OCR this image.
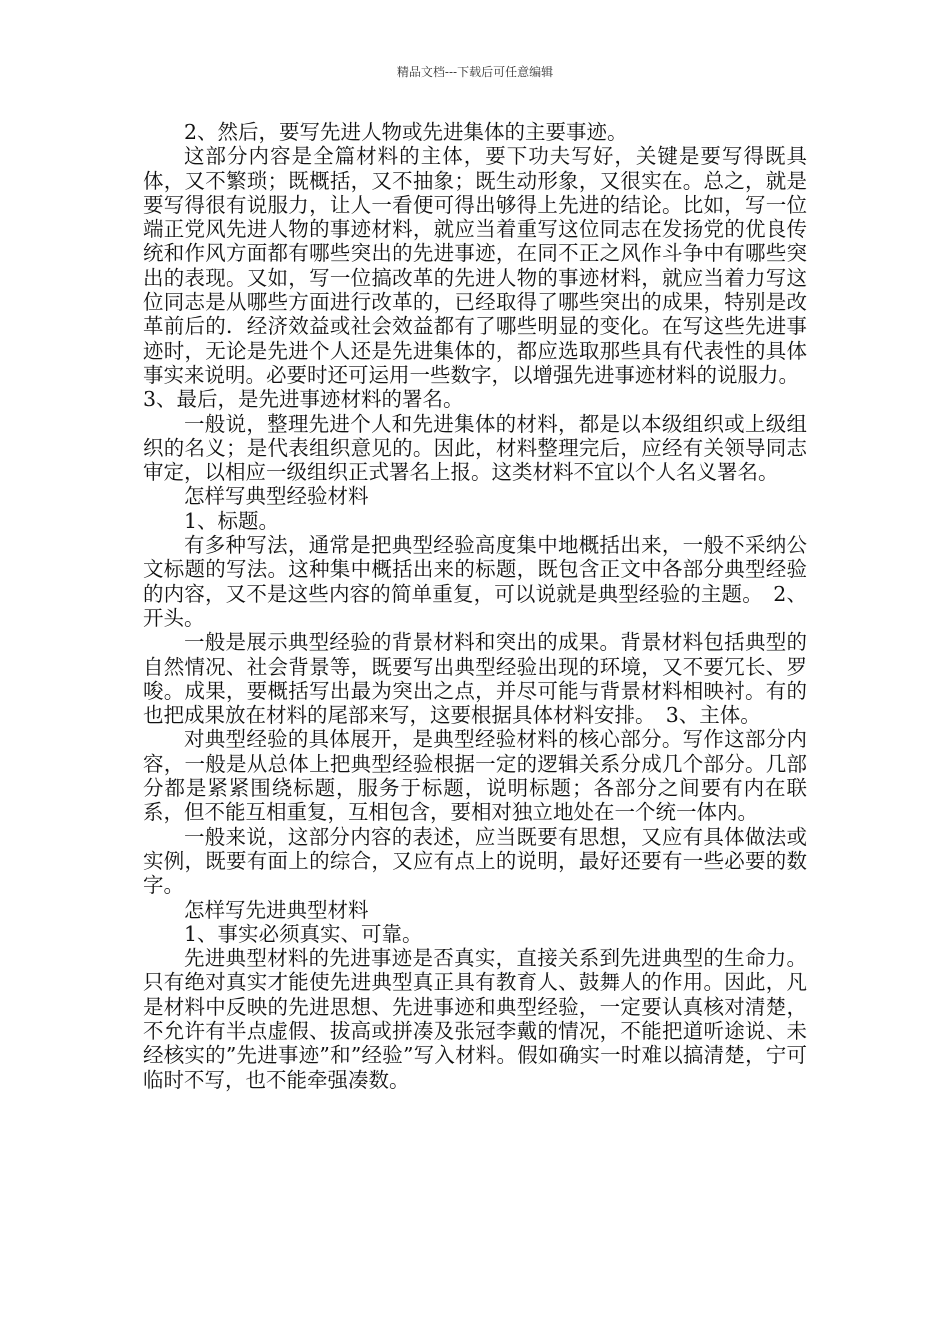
精品文档---下载后可任意编辑

2、然后，要写先进人物或先进集体的主要事迹。

这部分内容是全篇材料的主体，要下功夫写好，关键是要写得既具体，又不繁琐；既概括，又不抽象；既生动形象，又很实在。总之，就是要写得很有说服力，让人一看便可得出够得上先进的结论。比如，写一位端正党风先进人物的事迹材料，就应当着重写这位同志在发扬党的优良传统和作风方面都有哪些突出的先进事迹，在同不正之风作斗争中有哪些突出的表现。又如，写一位搞改革的先进人物的事迹材料，就应当着力写这位同志是从哪些方面进行改革的，已经取得了哪些突出的成果，特别是改革前后的．经济效益或社会效益都有了哪些明显的变化。在写这些先进事迹时，无论是先进个人还是先进集体的，都应选取那些具有代表性的具体事实来说明。必要时还可运用一些数字，以增强先进事迹材料的说服力。

3、最后，是先进事迹材料的署名。

一般说，整理先进个人和先进集体的材料，都是以本级组织或上级组织的名义；是代表组织意见的。因此，材料整理完后，应经有关领导同志审定，以相应一级组织正式署名上报。这类材料不宜以个人名义署名。

怎样写典型经验材料

1、标题。

有多种写法，通常是把典型经验高度集中地概括出来，一般不采纳公文标题的写法。这种集中概括出来的标题，既包含正文中各部分典型经验的内容，又不是这些内容的简单重复，可以说就是典型经验的主题。　2、开头。

一般是展示典型经验的背景材料和突出的成果。背景材料包括典型的自然情况、社会背景等，既要写出典型经验出现的环境，又不要冗长、罗唆。成果，要概括写出最为突出之点，并尽可能与背景材料相映衬。有的也把成果放在材料的尾部来写，这要根据具体材料安排。　3、主体。

对典型经验的具体展开，是典型经验材料的核心部分。写作这部分内容，一般是从总体上把典型经验根据一定的逻辑关系分成几个部分。几部分都是紧紧围绕标题，服务于标题，说明标题；各部分之间要有内在联系，但不能互相重复，互相包含，要相对独立地处在一个统一体内。

一般来说，这部分内容的表述，应当既要有思想，又应有具体做法或实例，既要有面上的综合，又应有点上的说明，最好还要有一些必要的数字。

怎样写先进典型材料

1、事实必须真实、可靠。

先进典型材料的先进事迹是否真实，直接关系到先进典型的生命力。只有绝对真实才能使先进典型真正具有教育人、鼓舞人的作用。因此，凡是材料中反映的先进思想、先进事迹和典型经验，一定要认真核对清楚，不允许有半点虚假、拔高或拼凑及张冠李戴的情况，不能把道听途说、未经核实的”先进事迹”和”经验”写入材料。假如确实一时难以搞清楚，宁可临时不写，也不能牵强凑数。
